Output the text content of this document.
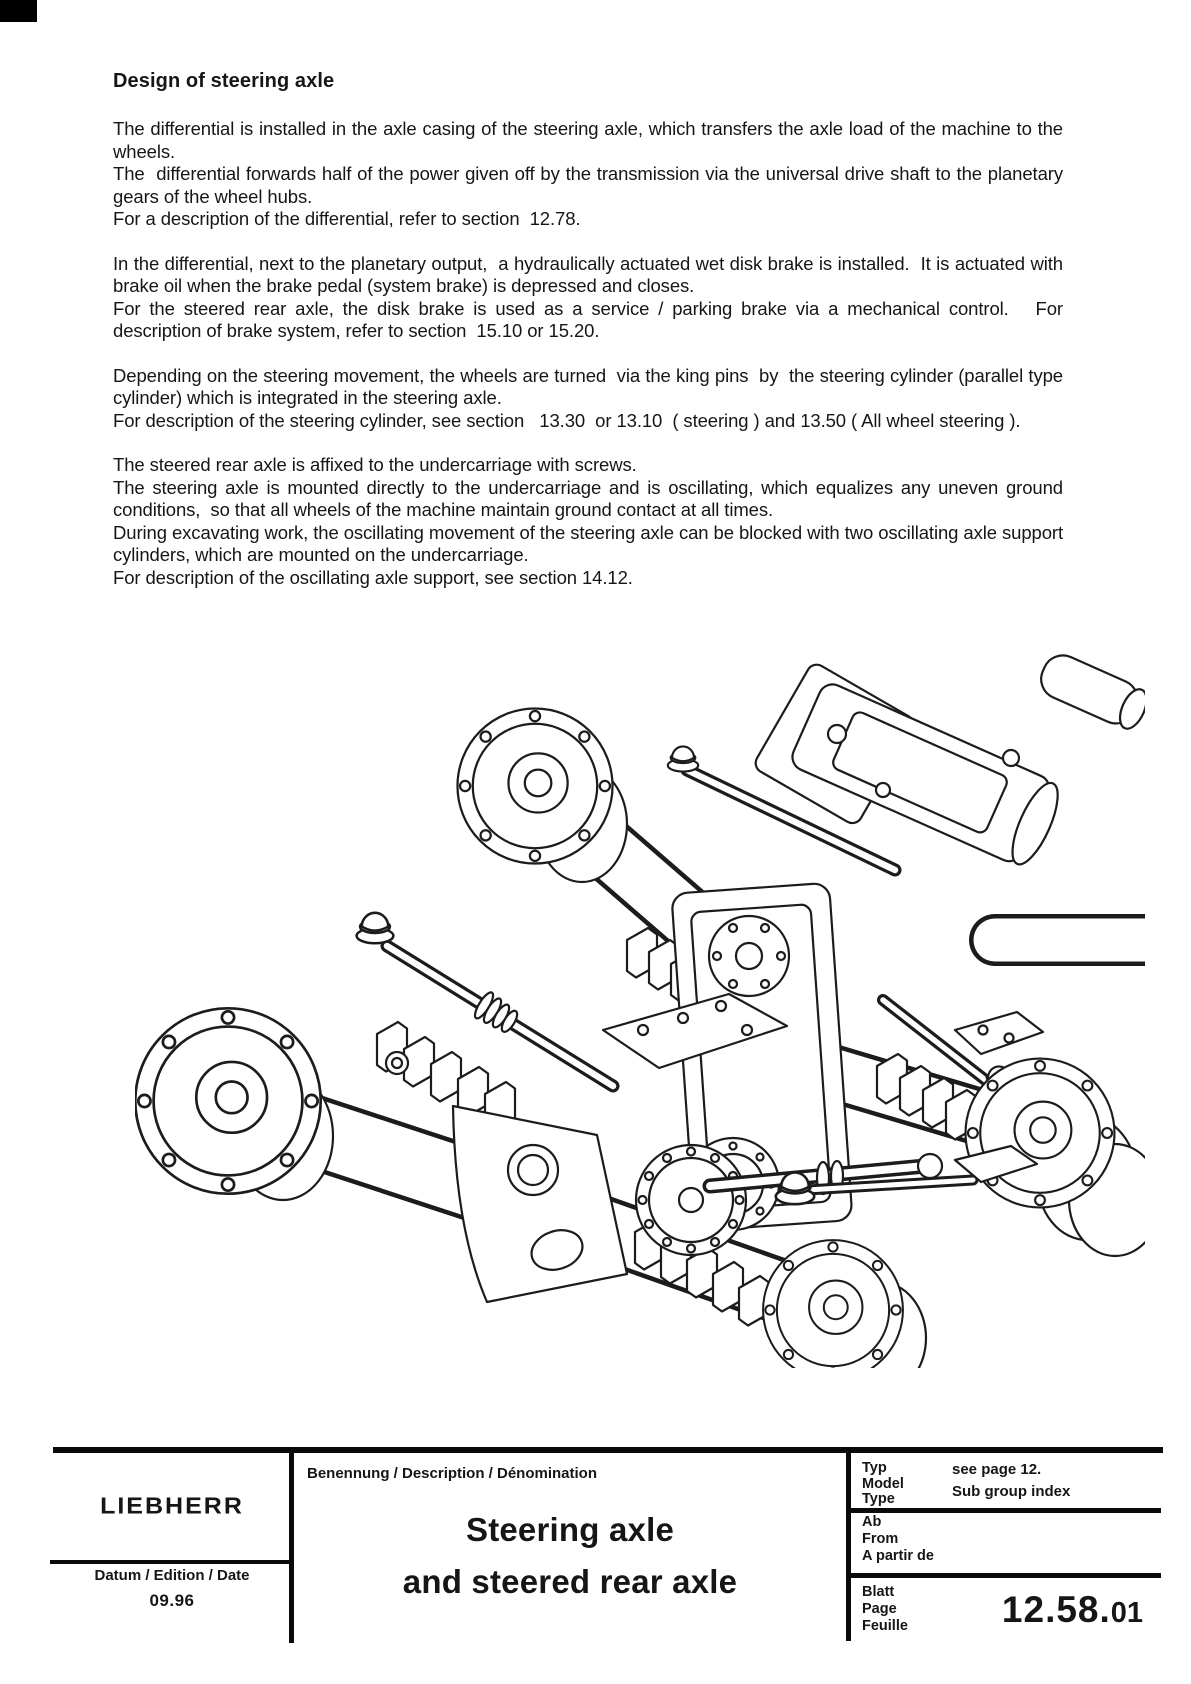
Design of steering axle
The differential is installed in the axle casing of the steering axle, which transfers the axle load of the machine to the wheels.
The  differential forwards half of the power given off by the transmission via the universal drive shaft to the planetary gears of the wheel hubs.
For a description of the differential, refer to section  12.78.
In the differential, next to the planetary output,  a hydraulically actuated wet disk brake is installed.  It is actuated with brake oil when the brake pedal (system brake) is depressed and closes.
For the steered rear axle, the disk brake is used as a service / parking brake via a mechanical control.   For description of brake system, refer to section  15.10 or 15.20.
Depending on the steering movement, the wheels are turned  via the king pins  by  the steering cylinder (parallel type  cylinder) which is integrated in the steering axle.
For description of the steering cylinder, see section   13.30  or 13.10  ( steering ) and 13.50 ( All wheel steering ).
The steered rear axle is affixed to the undercarriage with screws.
The steering axle is mounted directly to the undercarriage and is oscillating, which equalizes any uneven ground conditions,  so that all wheels of the machine maintain ground contact at all times.
During excavating work, the oscillating movement of the steering axle can be blocked with two oscillating axle support cylinders, which are mounted on the undercarriage.
For description of the oscillating axle support, see section 14.12.
LIEBHERR
Datum / Edition / Date
09.96
Benennung / Description / Dénomination
Steering axle
and steered rear axle
Typ
Model
Type
see page 12.
Sub group index
Ab
From
A partir de
Blatt
Page
Feuille	12.58.01
